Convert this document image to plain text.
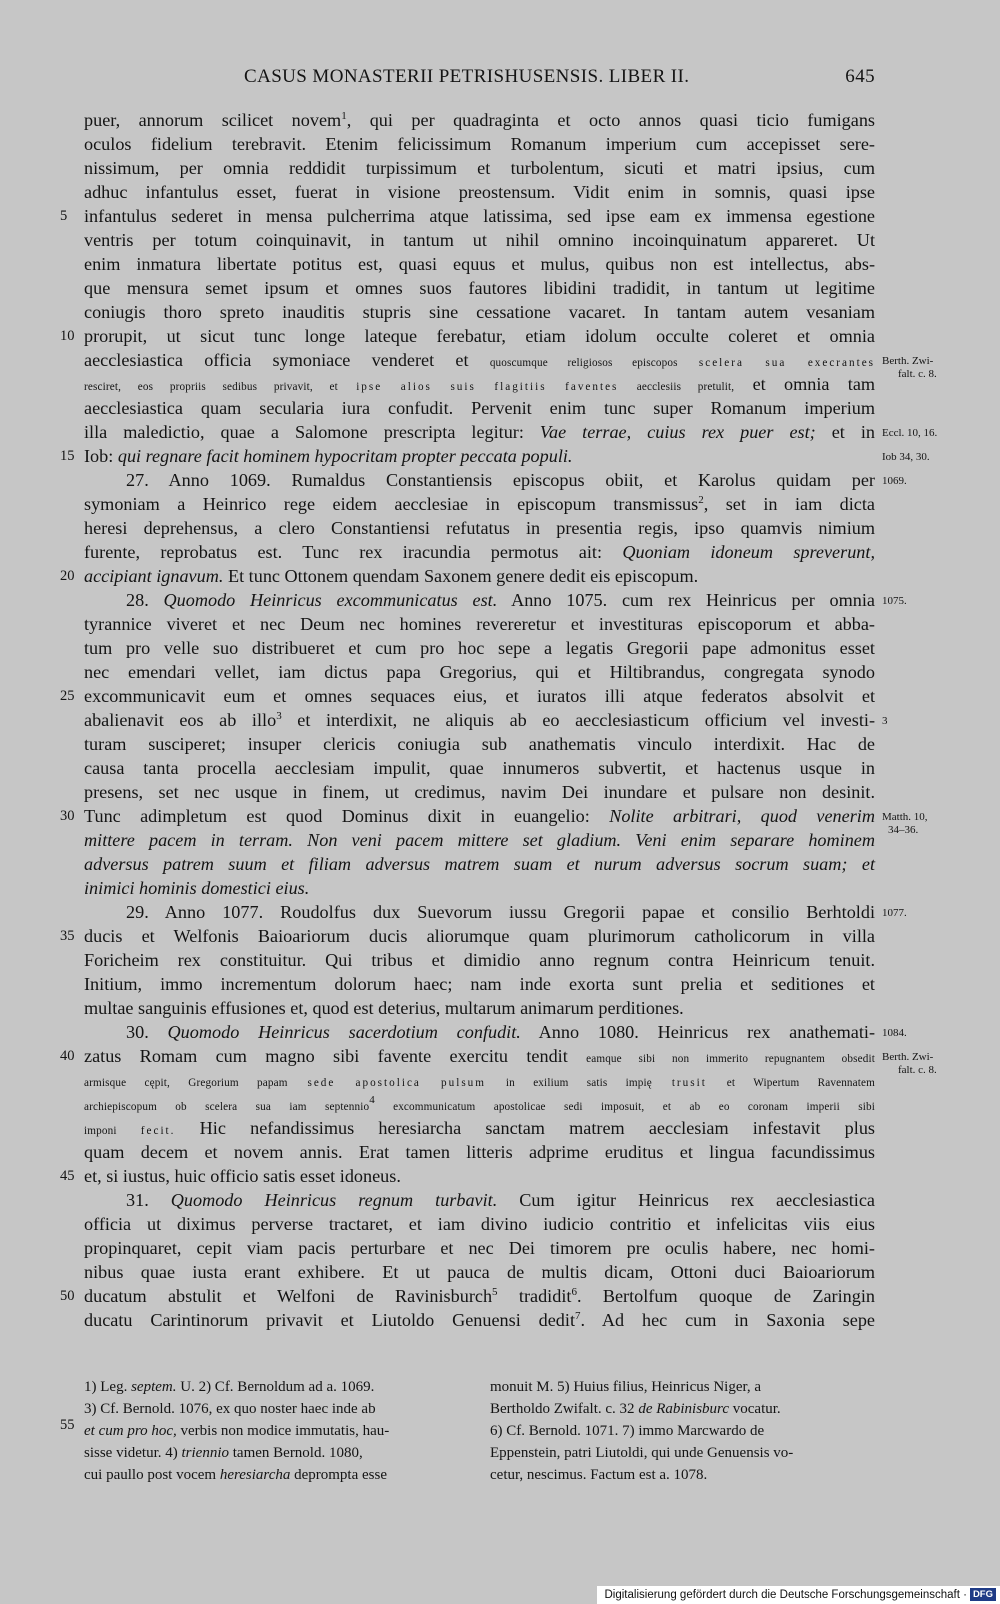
CASUS MONASTERII PETRISHUSENSIS. LIBER II.	645
puer, annorum scilicet novem$^1$, qui per quadraginta et octo annos quasi ticio fumigans
oculos fidelium terebravit. Etenim felicissimum Romanum imperium cum accepisset sere-
nissimum, per omnia reddidit turpissimum et turbolentum, sicuti et matri ipsius, cum
adhuc infantulus esset, fuerat in visione preostensum. Vidit enim in somnis, quasi ipse
infantulus sederet in mensa pulcherrima atque latissima, sed ipse eam ex immensa egestione
ventris per totum coinquinavit, in tantum ut nihil omnino incoinquinatum appareret. Ut
enim inmatura libertate potitus est, quasi equus et mulus, quibus non est intellectus, abs-
que mensura semet ipsum et omnes suos fautores libidini tradidit, in tantum ut legitime
coniugis thoro spreto inauditis stupris sine cessatione vacaret. In tantam autem vesaniam
prorupit, ut sicut tunc longe lateque ferebatur, etiam idolum occulte coleret et omnia
aecclesiastica officia symoniace venderet et quoscumque religiosos episcopos scelera sua execrantes
resciret, eos propriis sedibus privavit, et ipse alios suis flagitiis faventes aecclesiis pretulit, et omnia tam
aecclesiastica quam secularia iura confudit. Pervenit enim tunc super Romanum imperium
illa maledictio, quae a Salomone prescripta legitur: Vae terrae, cuius rex puer est; et in
Iob: qui regnare facit hominem hypocritam propter peccata populi.
27. Anno 1069. Rumaldus Constantiensis episcopus obiit, et Karolus quidam per
symoniam a Heinrico rege eidem aecclesiae in episcopum transmissus$^2$, set in iam dicta
heresi deprehensus, a clero Constantiensi refutatus in presentia regis, ipso quamvis nimium
furente, reprobatus est. Tunc rex iracundia permotus ait: Quoniam idoneum spreverunt,
accipiant ignavum. Et tunc Ottonem quendam Saxonem genere dedit eis episcopum.
28. Quomodo Heinricus excommunicatus est. Anno 1075. cum rex Heinricus per omnia
tyrannice viveret et nec Deum nec homines revereretur et investituras episcoporum et abba-
tum pro velle suo distribueret et cum pro hoc sepe a legatis Gregorii pape admonitus esset
nec emendari vellet, iam dictus papa Gregorius, qui et Hiltibrandus, congregata synodo
excommunicavit eum et omnes sequaces eius, et iuratos illi atque federatos absolvit et
abalienavit eos ab illo$^3$ et interdixit, ne aliquis ab eo aecclesiasticum officium vel investi-
turam susciperet; insuper clericis coniugia sub anathematis vinculo interdixit. Hac de
causa tanta procella aecclesiam impulit, quae innumeros subvertit, et hactenus usque in
presens, set nec usque in finem, ut credimus, navim Dei inundare et pulsare non desinit.
Tunc adimpletum est quod Dominus dixit in euangelio: Nolite arbitrari, quod venerim
mittere pacem in terram. Non veni pacem mittere set gladium. Veni enim separare hominem
adversus patrem suum et filiam adversus matrem suam et nurum adversus socrum suam; et
inimici hominis domestici eius.
29. Anno 1077. Roudolfus dux Suevorum iussu Gregorii papae et consilio Berhtoldi
ducis et Welfonis Baioariorum ducis aliorumque quam plurimorum catholicorum in villa
Foricheim rex constituitur. Qui tribus et dimidio anno regnum contra Heinricum tenuit.
Initium, immo incrementum dolorum haec; nam inde exorta sunt prelia et seditiones et
multae sanguinis effusiones et, quod est deterius, multarum animarum perditiones.
30. Quomodo Heinricus sacerdotium confudit. Anno 1080. Heinricus rex anathemati-
zatus Romam cum magno sibi favente exercitu tendit eamque sibi non immerito repugnantem obsedit
armisque cępit, Gregorium papam sede apostolica pulsum in exilium satis impię trusit et Wipertum Ravennatem
archiepiscopum ob scelera sua iam septennio$^4$ excommunicatum apostolicae sedi imposuit, et ab eo coronam imperii sibi
imponi fecit. Hic nefandissimus heresiarcha sanctam matrem aecclesiam infestavit plus
quam decem et novem annis. Erat tamen litteris adprime eruditus et lingua facundissimus
et, si iustus, huic officio satis esset idoneus.
31. Quomodo Heinricus regnum turbavit. Cum igitur Heinricus rex aecclesiastica
officia ut diximus perverse tractaret, et iam divino iudicio contritio et infelicitas viis eius
propinquaret, cepit viam pacis perturbare et nec Dei timorem pre oculis habere, nec homi-
nibus quae iusta erant exhibere. Et ut pauca de multis dicam, Ottoni duci Baioariorum
ducatum abstulit et Welfoni de Ravinisburch$^5$ tradidit$^6$. Bertolfum quoque de Zaringin
ducatu Carintinorum privavit et Liutoldo Genuensi dedit$^7$. Ad hec cum in Saxonia sepe
5
10
15
20
25
30
35
40
45
50
55
Berth. Zwi-
falt. c. 8.
Eccl. 10, 16.
Iob 34, 30.
1069.
1075.
3
Matth. 10,
34–36.
1077.
1084.
Berth. Zwi-
falt. c. 8.
1) Leg. septem. U. 2) Cf. Bernoldum ad a. 1069.
3) Cf. Bernold. 1076, ex quo noster haec inde ab
et cum pro hoc, verbis non modice immutatis, hau-
sisse videtur. 4) triennio tamen Bernold. 1080,
cui paullo post vocem heresiarcha deprompta esse
monuit M. 5) Huius filius, Heinricus Niger, a
Bertholdo Zwifalt. c. 32 de Rabinisburc vocatur.
6) Cf. Bernold. 1071. 7) immo Marcwardo de
Eppenstein, patri Liutoldi, qui unde Genuensis vo-
cetur, nescimus. Factum est a. 1078.
Digitalisierung gefördert durch die Deutsche Forschungsgemeinschaft · DFG
